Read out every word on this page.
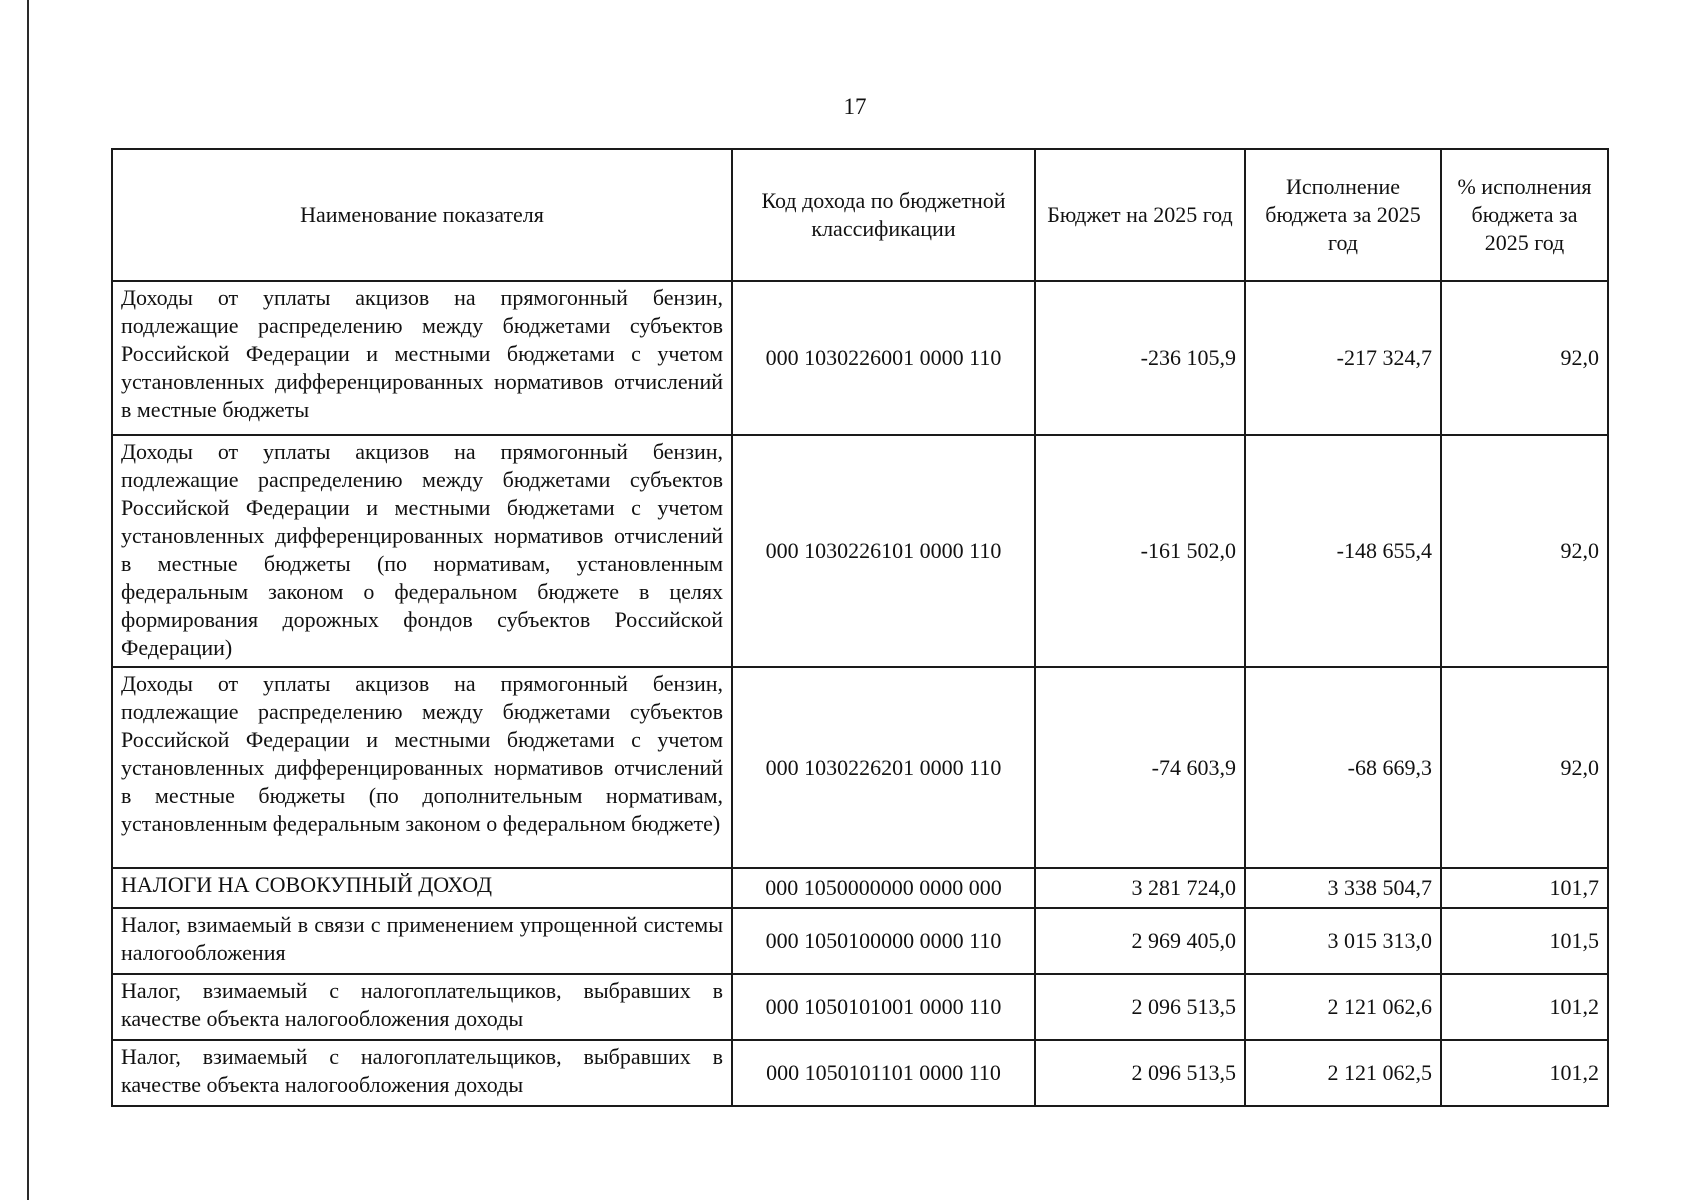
17
Наименование показателя	Код дохода по бюджетной классификации	Бюджет на 2025 год	Исполнение бюджета за 2025 год	% исполнения бюджета за 2025 год
Доходы от уплаты акцизов на прямогонный бензин, подлежащие распределению между бюджетами субъектов Российской Федерации и местными бюджетами с учетом установленных дифференцированных нормативов отчислений в местные бюджеты	000 1030226001 0000 110	-236 105,9	-217 324,7	92,0
Доходы от уплаты акцизов на прямогонный бензин, подлежащие распределению между бюджетами субъектов Российской Федерации и местными бюджетами с учетом установленных дифференцированных нормативов отчислений в местные бюджеты (по нормативам, установленным федеральным законом о федеральном бюджете в целях формирования дорожных фондов субъектов Российской Федерации)	000 1030226101 0000 110	-161 502,0	-148 655,4	92,0
Доходы от уплаты акцизов на прямогонный бензин, подлежащие распределению между бюджетами субъектов Российской Федерации и местными бюджетами с учетом установленных дифференцированных нормативов отчислений в местные бюджеты (по дополнительным нормативам, установленным федеральным законом о федеральном бюджете)	000 1030226201 0000 110	-74 603,9	-68 669,3	92,0
НАЛОГИ НА СОВОКУПНЫЙ ДОХОД	000 1050000000 0000 000	3 281 724,0	3 338 504,7	101,7
Налог, взимаемый в связи с применением упрощенной системы налогообложения	000 1050100000 0000 110	2 969 405,0	3 015 313,0	101,5
Налог, взимаемый с налогоплательщиков, выбравших в качестве объекта налогообложения доходы	000 1050101001 0000 110	2 096 513,5	2 121 062,6	101,2
Налог, взимаемый с налогоплательщиков, выбравших в качестве объекта налогообложения доходы	000 1050101101 0000 110	2 096 513,5	2 121 062,5	101,2
